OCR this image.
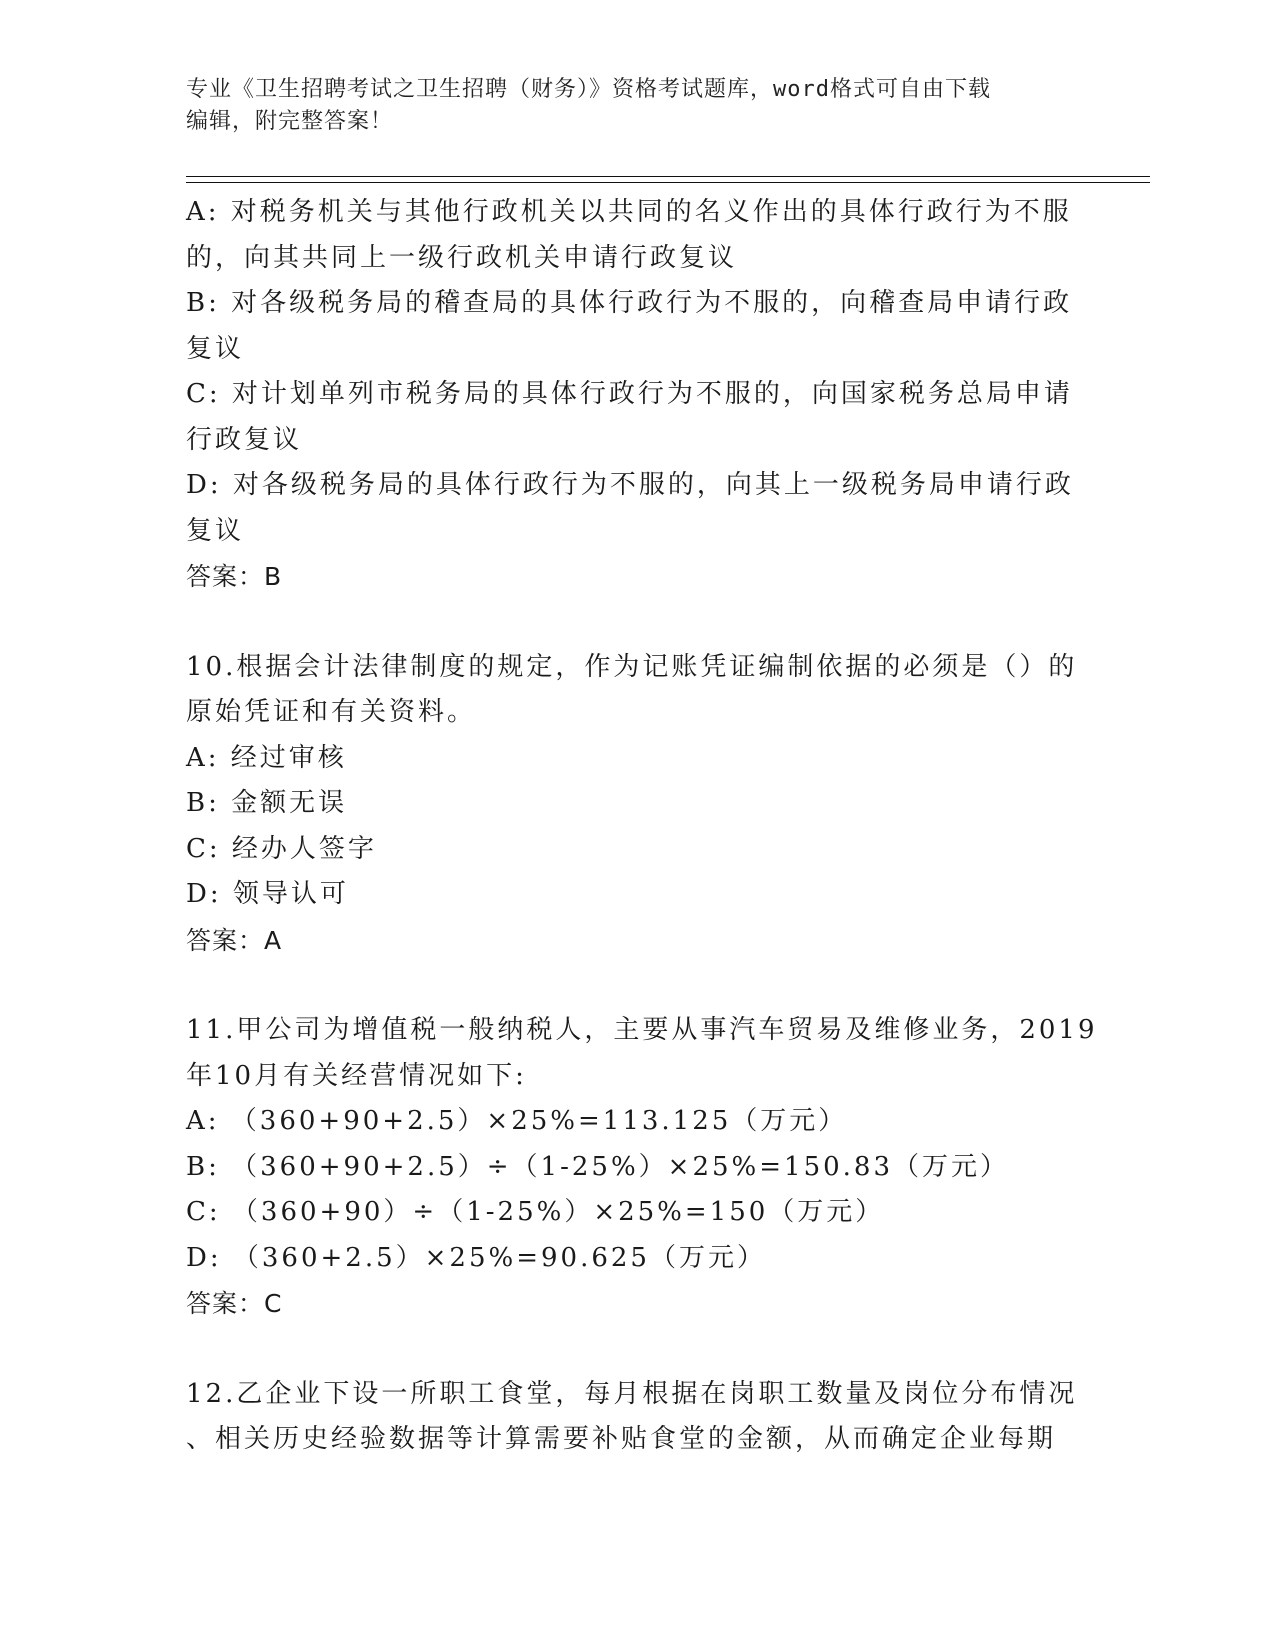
专业《卫生招聘考试之卫生招聘（财务）》资格考试题库，word格式可自由下载
编辑，附完整答案！
A: 对税务机关与其他行政机关以共同的名义作出的具体行政行为不服
的，向其共同上一级行政机关申请行政复议
B: 对各级税务局的稽查局的具体行政行为不服的，向稽查局申请行政
复议
C: 对计划单列市税务局的具体行政行为不服的，向国家税务总局申请
行政复议
D: 对各级税务局的具体行政行为不服的，向其上一级税务局申请行政
复议
答案：B
10.根据会计法律制度的规定，作为记账凭证编制依据的必须是（）的
原始凭证和有关资料。
A: 经过审核
B: 金额无误
C: 经办人签字
D: 领导认可
答案：A
11.甲公司为增值税一般纳税人，主要从事汽车贸易及维修业务，2019
年10月有关经营情况如下:
A: （360+90+2.5）×25%=113.125（万元）
B: （360+90+2.5）÷（1-25%）×25%=150.83（万元）
C: （360+90）÷（1-25%）×25%=150（万元）
D: （360+2.5）×25%=90.625（万元）
答案：C
12.乙企业下设一所职工食堂，每月根据在岗职工数量及岗位分布情况
、相关历史经验数据等计算需要补贴食堂的金额，从而确定企业每期
